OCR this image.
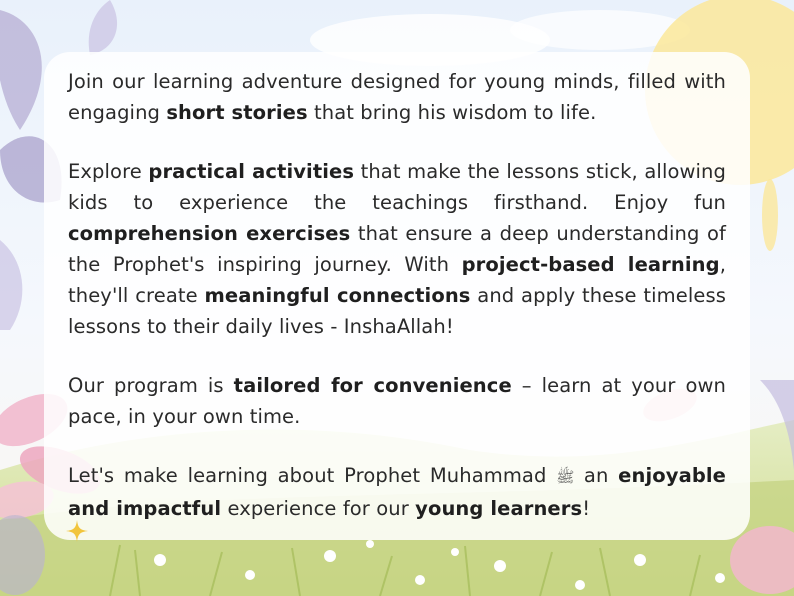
Join our learning adventure designed for young minds, filled with engaging short stories that bring his wisdom to life.

Explore practical activities that make the lessons stick, allowing kids to experience the teachings firsthand. Enjoy fun comprehension exercises that ensure a deep understanding of the Prophet's inspiring journey. With project-based learning, they'll create meaningful connections and apply these timeless lessons to their daily lives - InshaAllah!

Our program is tailored for convenience – learn at your own pace, in your own time.

Let's make learning about Prophet Muhammad ﷺ an enjoyable and impactful experience for our young learners!
